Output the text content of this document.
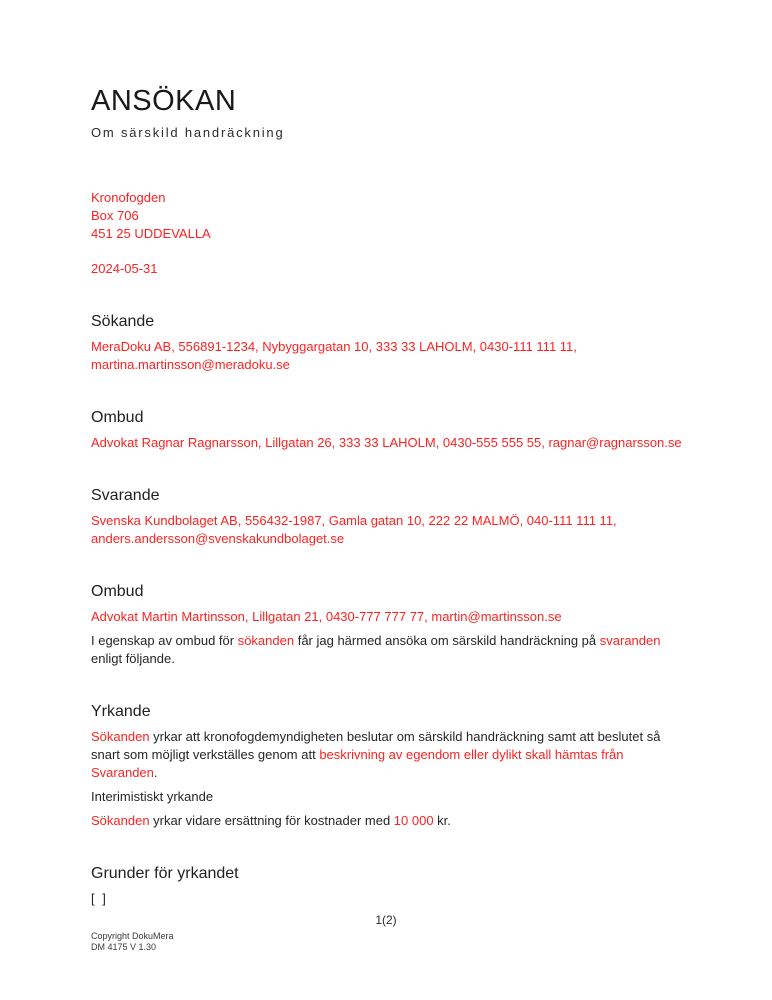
ANSÖKAN
Om särskild handräckning
Kronofogden
Box 706
451 25 UDDEVALLA
2024-05-31
Sökande

MeraDoku AB, 556891-1234, Nybyggargatan 10, 333 33 LAHOLM, 0430-111 111 11, martina.martinsson@meradoku.se

Ombud

Advokat Ragnar Ragnarsson, Lillgatan 26, 333 33 LAHOLM, 0430-555 555 55, ragnar@ragnarsson.se

Svarande

Svenska Kundbolaget AB, 556432-1987, Gamla gatan 10, 222 22 MALMÖ, 040-111 111 11, anders.andersson@svenskakundbolaget.se

Ombud

Advokat Martin Martinsson, Lillgatan 21, 0430-777 777 77, martin@martinsson.se

I egenskap av ombud för sökanden får jag härmed ansöka om särskild handräckning på svaranden enligt följande.

Yrkande

Sökanden yrkar att kronofogdemyndigheten beslutar om särskild handräckning samt att beslutet så snart som möjligt verkställes genom att beskrivning av egendom eller dylikt skall hämtas från Svaranden.

Interimistiskt yrkande

Sökanden yrkar vidare ersättning för kostnader med 10 000 kr.

Grunder för yrkandet

[ ]

1(2)
Copyright DokuMera
DM 4175 V 1.30
